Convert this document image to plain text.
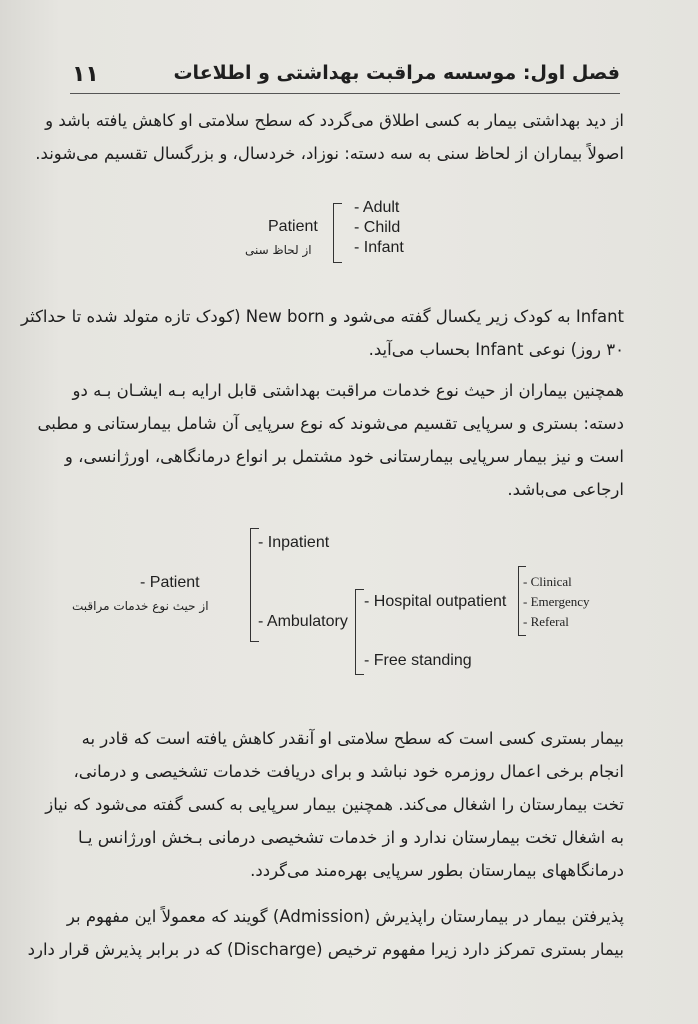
١١	فصل اول: موسسه مراقبت بهداشتی و اطلاعات
از دید بهداشتی بیمار به کسی اطلاق می‌گردد که سطح سلامتی او کاهش یافته باشد و
اصولاً بیماران از لحاظ سنی به سه دسته: نوزاد، خردسال، و بزرگسال تقسیم می‌شوند.
Patient
از لحاظ سنی
- Adult
- Child
- Infant
Infant به کودک زیر یکسال گفته می‌شود و New born (کودک تازه متولد شده تا حداکثر
۳۰ روز) نوعی Infant بحساب می‌آید.
همچنین بیماران از حیث نوع خدمات مراقبت بهداشتی قابل ارایه بـه ایشـان بـه دو
دسته: بستری و سرپایی تقسیم می‌شوند که نوع سرپایی آن شامل بیمارستانی و مطبی
است و نیز بیمار سرپایی بیمارستانی خود مشتمل بر انواع درمانگاهی، اورژانسی، و
ارجاعی می‌باشد.
- Patient
از حیث نوع خدمات مراقبت
- Inpatient
- Ambulatory
- Hospital outpatient
- Free standing
- Clinical
- Emergency
- Referal
بیمار بستری کسی است که سطح سلامتی او آنقدر کاهش یافته است که قادر به
انجام برخی اعمال روزمره خود نباشد و برای دریافت خدمات تشخیصی و درمانی،
تخت بیمارستان را اشغال می‌کند. همچنین بیمار سرپایی به کسی گفته می‌شود که نیاز
به اشغال تخت بیمارستان ندارد و از خدمات تشخیصی درمانی بـخش اورژانس یـا
درمانگاههای بیمارستان بطور سرپایی بهره‌مند می‌گردد.
پذیرفتن بیمار در بیمارستان راپذیرش (Admission) گویند که معمولاً این مفهوم بر
بیمار بستری تمرکز دارد زیرا مفهوم ترخیص (Discharge) که در برابر پذیرش قرار دارد
